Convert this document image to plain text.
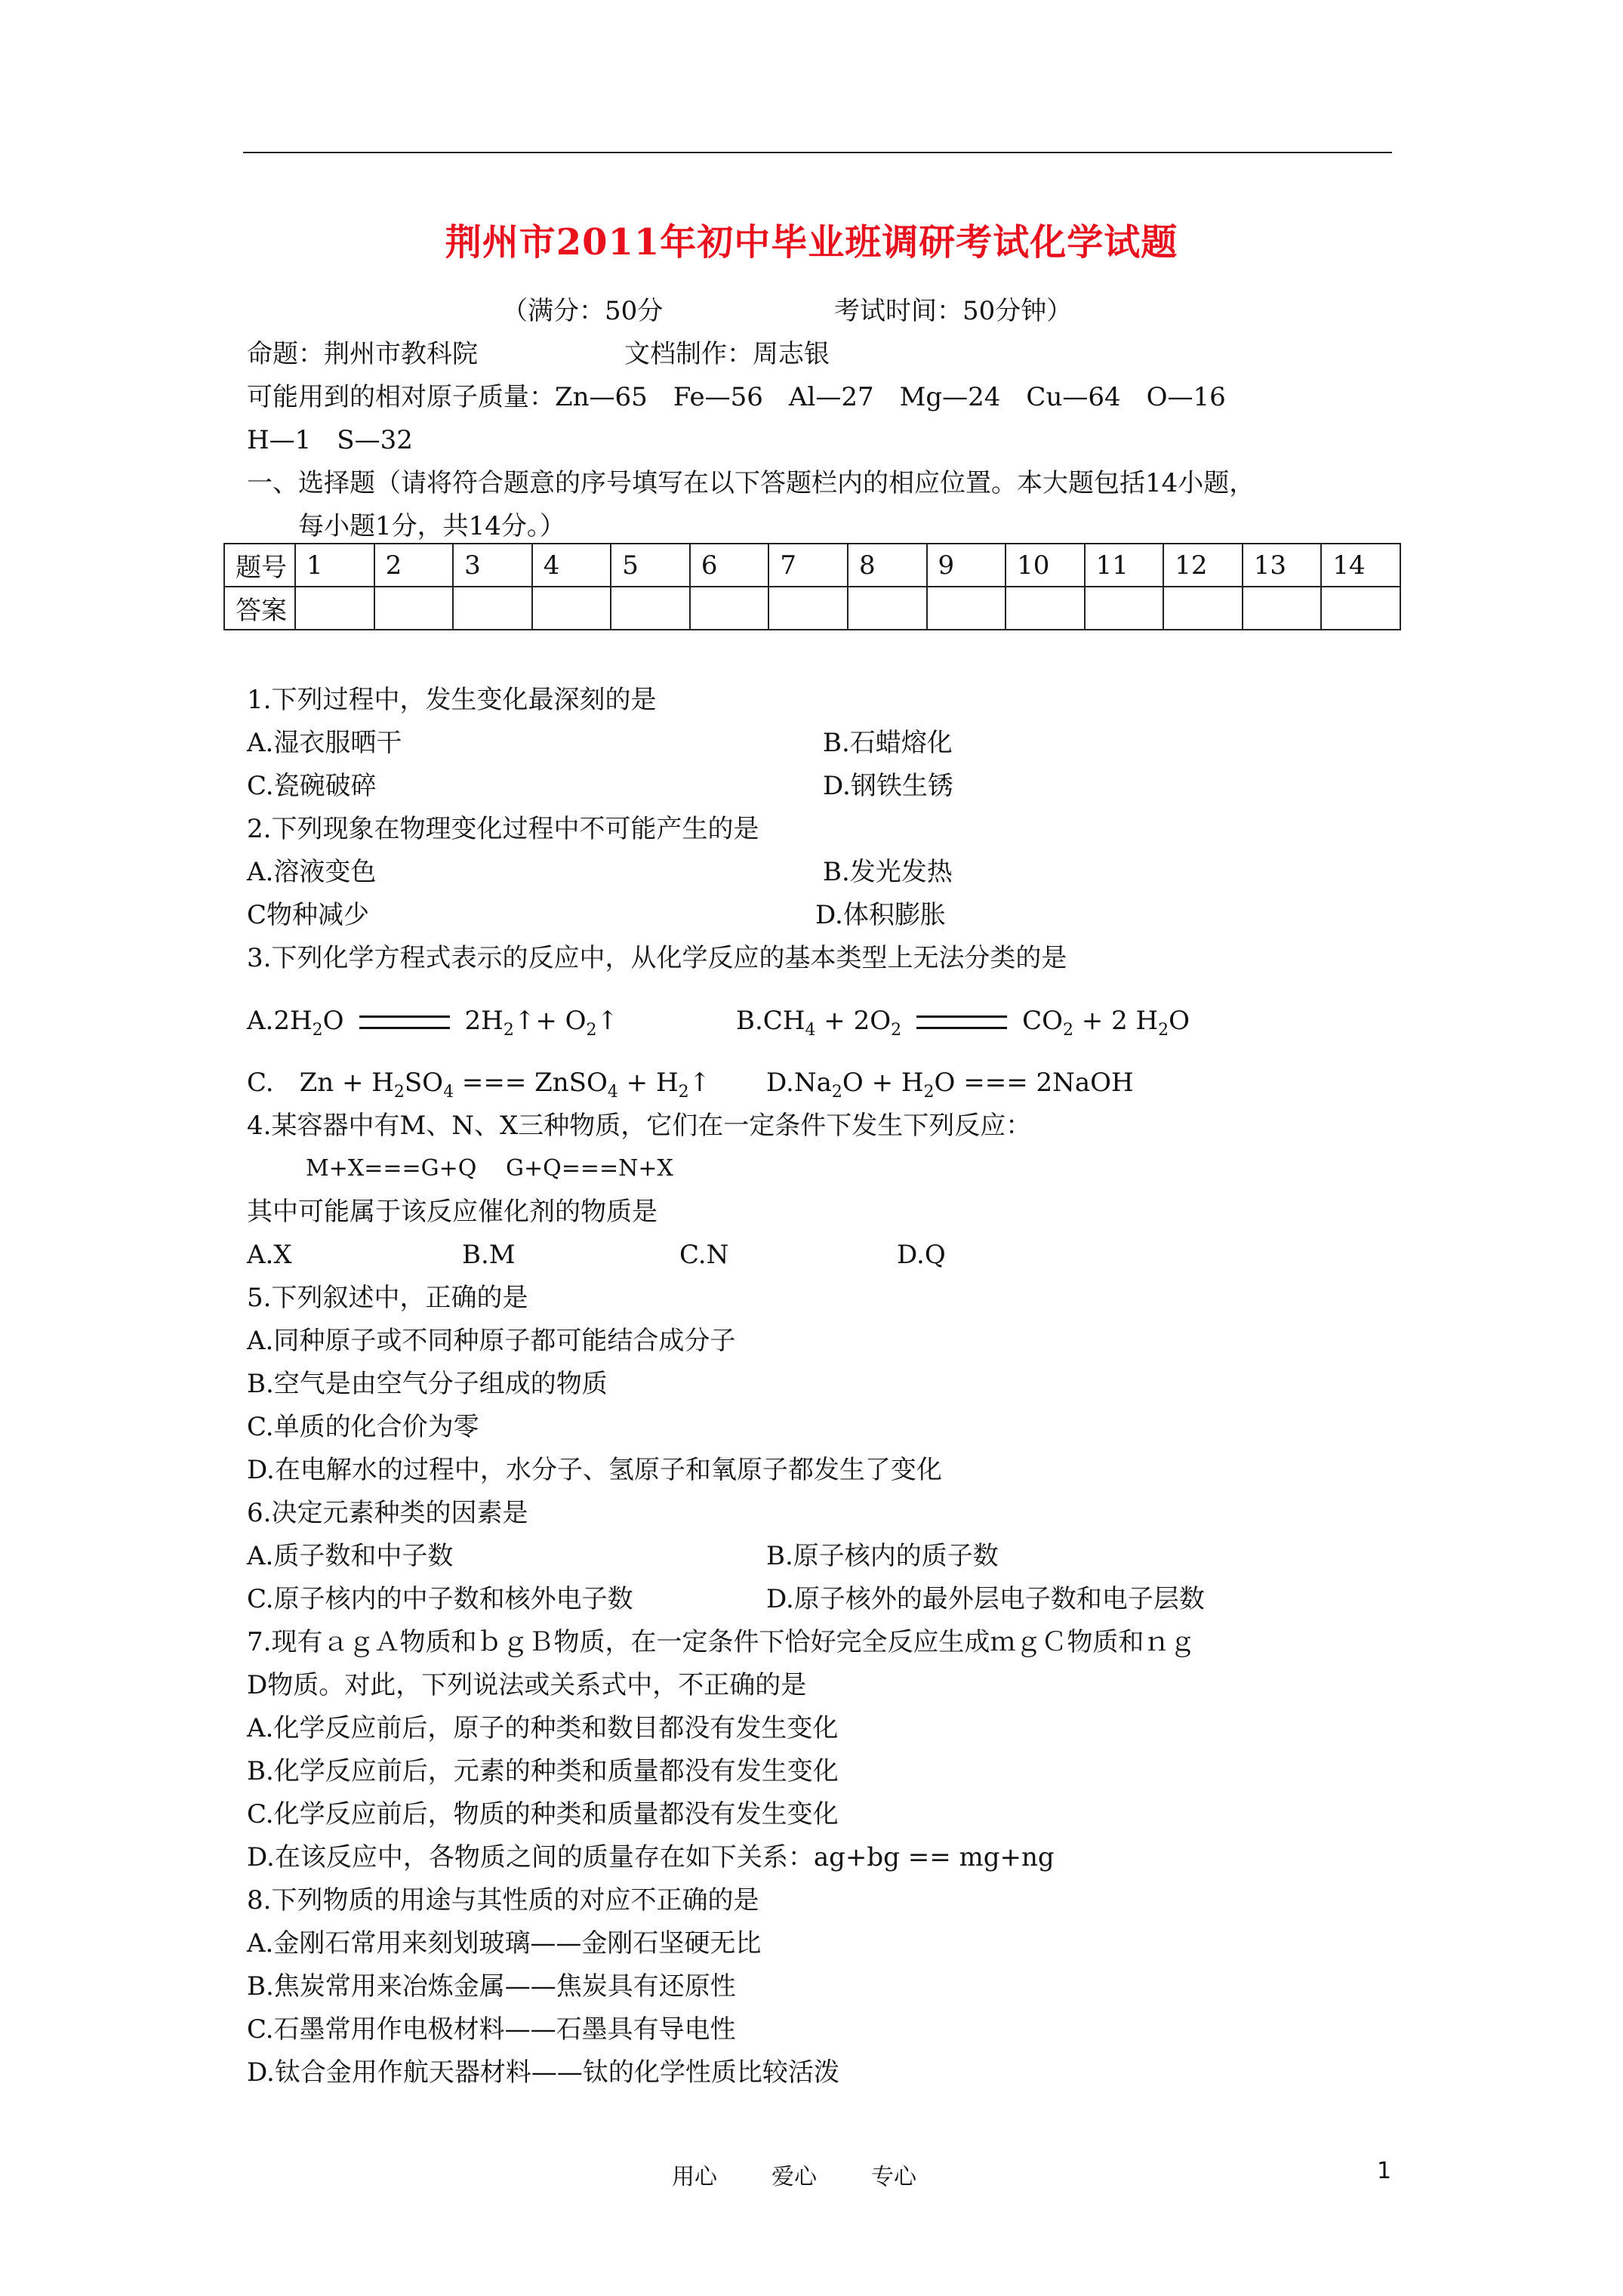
荆州市2011年初中毕业班调研考试化学试题
（满分：50分	考试时间：50分钟）
命题：荆州市教科院	文档制作：周志银
可能用到的相对原子质量：Zn—65　Fe—56　Al—27　Mg—24　Cu—64　O—16
H—1　S—32
一、选择题（请将符合题意的序号填写在以下答题栏内的相应位置。本大题包括14小题，
每小题1分，共14分。）
题号	1	2	3	4	5	6	7	8	9	10	11	12	13	14
答案														
1.下列过程中，发生变化最深刻的是
A.湿衣服晒干	B.石蜡熔化
C.瓷碗破碎	D.钢铁生锈
2.下列现象在物理变化过程中不可能产生的是
A.溶液变色	B.发光发热
C物种减少	D.体积膨胀
3.下列化学方程式表示的反应中，从化学反应的基本类型上无法分类的是
$A.2H_2O$	$2H_2↑+$ $O_2↑$	$B.CH_4 + 2O_2$	$CO_2 + 2$ $H_2O$
C.　$Zn + H_2SO_4$ === ZnSO$_4$ + $H_2↑$ $D.Na_2O + H_2O$ === 2NaOH
4.某容器中有M、N、X三种物质，它们在一定条件下发生下列反应：
M+X===G+Q G+Q===N+X
其中可能属于该反应催化剂的物质是
A.X	B.M	C.N	D.Q
5.下列叙述中，正确的是
A.同种原子或不同种原子都可能结合成分子
B.空气是由空气分子组成的物质
C.单质的化合价为零
D.在电解水的过程中，水分子、氢原子和氧原子都发生了变化
6.决定元素种类的因素是
A.质子数和中子数	B.原子核内的质子数
C.原子核内的中子数和核外电子数	D.原子核外的最外层电子数和电子层数
7.现有ａｇＡ物质和ｂｇＢ物质，在一定条件下恰好完全反应生成ｍｇＣ物质和ｎｇ
D物质。对此，下列说法或关系式中，不正确的是
A.化学反应前后，原子的种类和数目都没有发生变化
B.化学反应前后，元素的种类和质量都没有发生变化
C.化学反应前后，物质的种类和质量都没有发生变化
D.在该反应中，各物质之间的质量存在如下关系：ag+bg == mg+ng
8.下列物质的用途与其性质的对应不正确的是
A.金刚石常用来刻划玻璃——金刚石坚硬无比
B.焦炭常用来冶炼金属——焦炭具有还原性
C.石墨常用作电极材料——石墨具有导电性
D.钛合金用作航天器材料——钛的化学性质比较活泼
用心 爱心 专心	1
